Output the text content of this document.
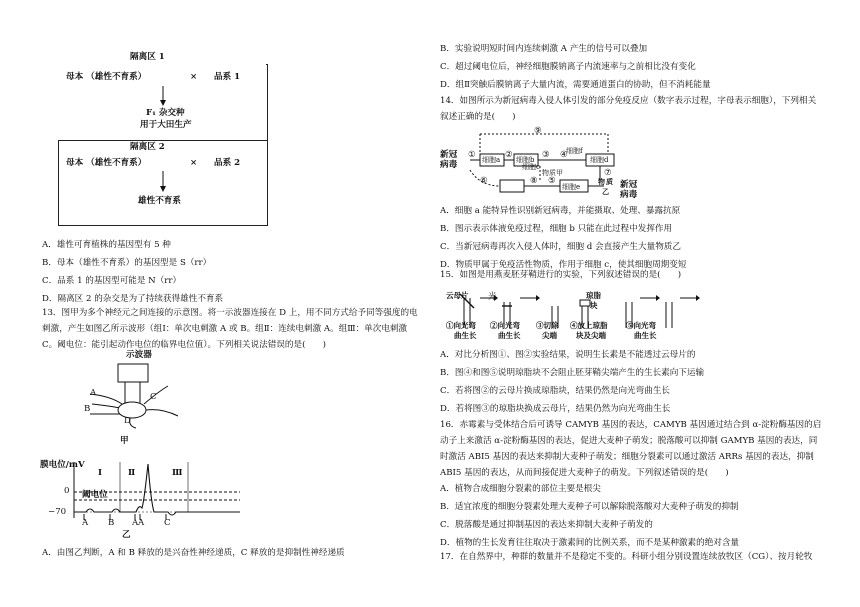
隔离区 1
母本 （雄性不育系）	× 品系 1
F₁ 杂交种
用于大田生产
隔离区 2
母本 （雄性不育系）	× 品系 2
雄性不育系
A．雄性可育植株的基因型有 5 种
B．母本（雄性不育系）的基因型是 S（rr）
C．品系 1 的基因型可能是 N（rr）
D．隔离区 2 的杂交是为了持续获得雄性不育系
13．图甲为多个神经元之间连接的示意图。将一示波器连接在 D 上，用不同方式给予同等强度的电
刺激，产生如图乙所示波形（组Ⅰ：单次电刺激 A 或 B。组Ⅱ：连续电刺激 A。组Ⅲ：单次电刺激
C。阈电位：能引起动作电位的临界电位值）。下列相关说法错误的是(　　)
示波器
A
B
C
D
甲
膜电位/mV
Ⅰ	Ⅱ	Ⅲ
0 阈电位
−70
A B A A C
乙
A．由图乙判断，A 和 B 释放的是兴奋性神经递质，C 释放的是抑制性神经递质
B．实验说明短时间内连续刺激 A 产生的信号可以叠加
C．超过阈电位后，神经细胞膜钠离子内流速率与之前相比没有变化
D．组Ⅱ突触后膜钠离子大量内流，需要通道蛋白的协助，但不消耗能量
14．如图所示为新冠病毒入侵人体引发的部分免疫反应（数字表示过程，字母表示细胞），下列相关
叙述正确的是(　　)
⑨
新冠
病毒
① 细胞a ② 细胞b ③ ④
细胞c
细胞d
细胞f
物质甲
⑤
⑥
⑦
⑧
细胞e
物 质
乙
新冠
病毒
A．细胞 a 能特异性识别新冠病毒，并能摄取、处理、暴露抗原
B．图示表示体液免疫过程，细胞 b 只能在此过程中发挥作用
C．当新冠病毒再次入侵人体时，细胞 d 会直接产生大量物质乙
D．物质甲属于免疫活性物质，作用于细胞 c，使其细胞周期变短
15．如图是用燕麦胚芽鞘进行的实验，下列叙述错误的是(　　)
云母片 光	琼脂
块
①向光弯
曲生长
②向光弯
曲生长
③切除
尖端
④放上琼脂
块及尖端
⑤向光弯
曲生长
A．对比分析图①、图②实验结果，说明生长素是不能透过云母片的
B．图④和图⑤说明琼脂块不会阻止胚芽鞘尖端产生的生长素向下运输
C．若将图②的云母片换成琼脂块，结果仍然是向光弯曲生长
D．若将图③的琼脂块换成云母片，结果仍然为向光弯曲生长
16．赤霉素与受体结合后可诱导 CAMYB 基因的表达，CAMYB 基因通过结合到 α-淀粉酶基因的启
动子上来激活 α-淀粉酶基因的表达，促进大麦种子萌发；脱落酸可以抑制 GAMYB 基因的表达，同
时激活 ABI5 基因的表达来抑制大麦种子萌发；细胞分裂素可以通过激活 ARRs 基因的表达，抑制
ABI5 基因的表达，从而间接促进大麦种子的萌发。下列叙述错误的是(　　)
A．植物合成细胞分裂素的部位主要是根尖
B．适宜浓度的细胞分裂素处理大麦种子可以解除脱落酸对大麦种子萌发的抑制
C．脱落酸是通过抑制基因的表达来抑制大麦种子萌发的
D．植物的生长发育往往取决于激素间的比例关系，而不是某种激素的绝对含量
17．在自然界中，种群的数量并不是稳定不变的。科研小组分别设置连续放牧区（CG）、按月轮牧
